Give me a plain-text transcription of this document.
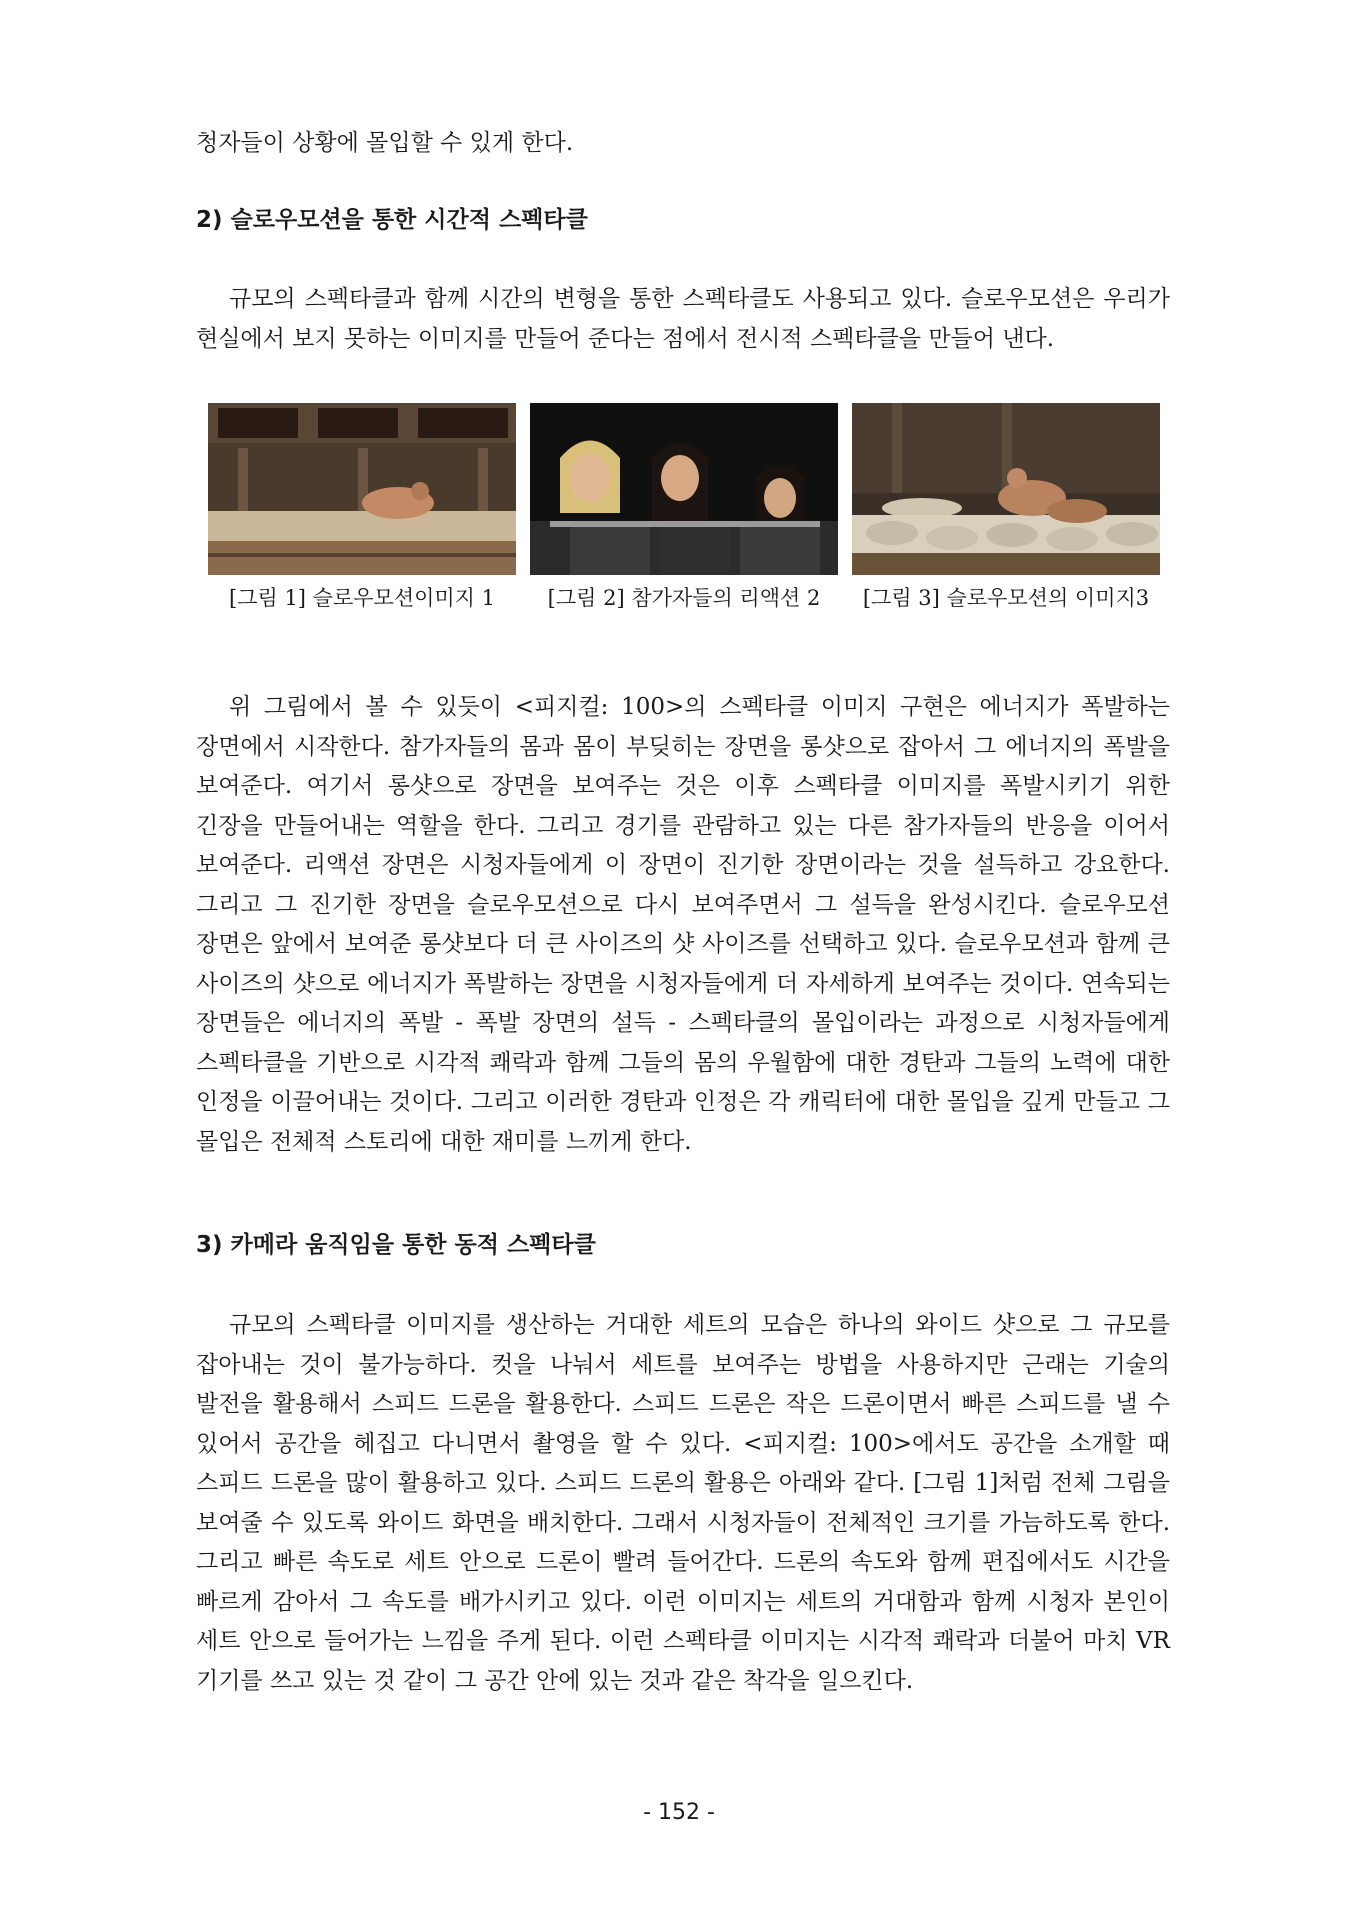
청자들이 상황에 몰입할 수 있게 한다.

2) 슬로우모션을 통한 시간적 스펙타클

규모의 스펙타클과 함께 시간의 변형을 통한 스펙타클도 사용되고 있다. 슬로우모션은 우리가 현실에서 보지 못하는 이미지를 만들어 준다는 점에서 전시적 스펙타클을 만들어 낸다.

[그림 1] 슬로우모션이미지 1	[그림 2] 참가자들의 리액션 2	[그림 3] 슬로우모션의 이미지3

위 그림에서 볼 수 있듯이 <피지컬: 100>의 스펙타클 이미지 구현은 에너지가 폭발하는 장면에서 시작한다. 참가자들의 몸과 몸이 부딪히는 장면을 롱샷으로 잡아서 그 에너지의 폭발을 보여준다. 여기서 롱샷으로 장면을 보여주는 것은 이후 스펙타클 이미지를 폭발시키기 위한 긴장을 만들어내는 역할을 한다. 그리고 경기를 관람하고 있는 다른 참가자들의 반응을 이어서 보여준다. 리액션 장면은 시청자들에게 이 장면이 진기한 장면이라는 것을 설득하고 강요한다. 그리고 그 진기한 장면을 슬로우모션으로 다시 보여주면서 그 설득을 완성시킨다. 슬로우모션 장면은 앞에서 보여준 롱샷보다 더 큰 사이즈의 샷 사이즈를 선택하고 있다. 슬로우모션과 함께 큰 사이즈의 샷으로 에너지가 폭발하는 장면을 시청자들에게 더 자세하게 보여주는 것이다. 연속되는 장면들은 에너지의 폭발 - 폭발 장면의 설득 - 스펙타클의 몰입이라는 과정으로 시청자들에게 스펙타클을 기반으로 시각적 쾌락과 함께 그들의 몸의 우월함에 대한 경탄과 그들의 노력에 대한 인정을 이끌어내는 것이다. 그리고 이러한 경탄과 인정은 각 캐릭터에 대한 몰입을 깊게 만들고 그 몰입은 전체적 스토리에 대한 재미를 느끼게 한다.

3) 카메라 움직임을 통한 동적 스펙타클

규모의 스펙타클 이미지를 생산하는 거대한 세트의 모습은 하나의 와이드 샷으로 그 규모를 잡아내는 것이 불가능하다. 컷을 나눠서 세트를 보여주는 방법을 사용하지만 근래는 기술의 발전을 활용해서 스피드 드론을 활용한다. 스피드 드론은 작은 드론이면서 빠른 스피드를 낼 수 있어서 공간을 헤집고 다니면서 촬영을 할 수 있다. <피지컬: 100>에서도 공간을 소개할 때 스피드 드론을 많이 활용하고 있다. 스피드 드론의 활용은 아래와 같다. [그림 1]처럼 전체 그림을 보여줄 수 있도록 와이드 화면을 배치한다. 그래서 시청자들이 전체적인 크기를 가늠하도록 한다. 그리고 빠른 속도로 세트 안으로 드론이 빨려 들어간다. 드론의 속도와 함께 편집에서도 시간을 빠르게 감아서 그 속도를 배가시키고 있다. 이런 이미지는 세트의 거대함과 함께 시청자 본인이 세트 안으로 들어가는 느낌을 주게 된다. 이런 스펙타클 이미지는 시각적 쾌락과 더불어 마치 VR 기기를 쓰고 있는 것 같이 그 공간 안에 있는 것과 같은 착각을 일으킨다.

- 152 -
